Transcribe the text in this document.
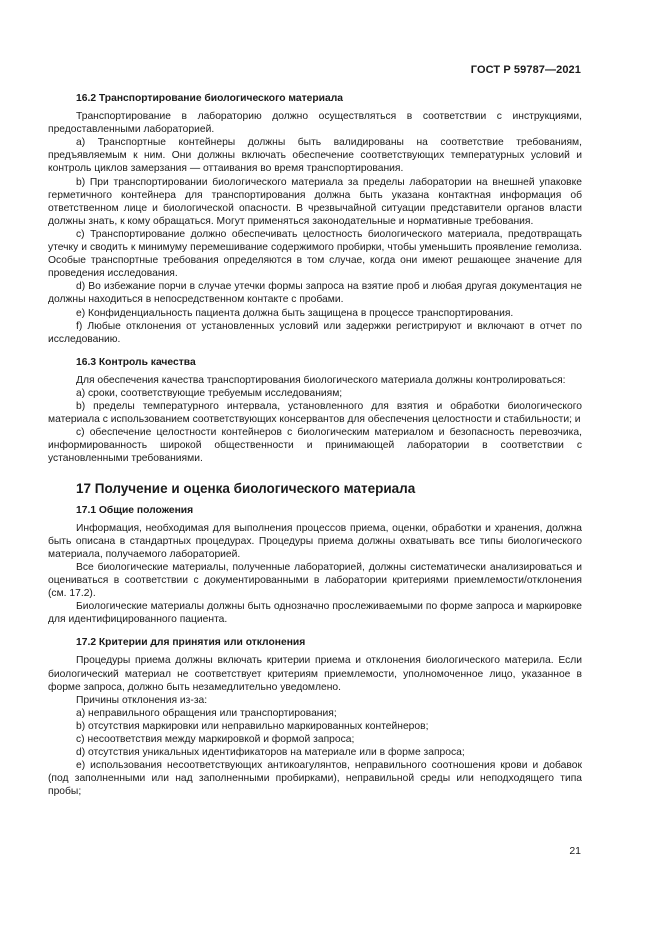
ГОСТ Р 59787—2021
16.2 Транспортирование биологического материала

Транспортирование в лабораторию должно осуществляться в соответствии с инструкциями, предоставленными лабораторией.

a) Транспортные контейнеры должны быть валидированы на соответствие требованиям, предъявляемым к ним. Они должны включать обеспечение соответствующих температурных условий и контроль циклов замерзания — оттаивания во время транспортирования.

b) При транспортировании биологического материала за пределы лаборатории на внешней упаковке герметичного контейнера для транспортирования должна быть указана контактная информация об ответственном лице и биологической опасности. В чрезвычайной ситуации представители органов власти должны знать, к кому обращаться. Могут применяться законодательные и нормативные требования.

c) Транспортирование должно обеспечивать целостность биологического материала, предотвращать утечку и сводить к минимуму перемешивание содержимого пробирки, чтобы уменьшить проявление гемолиза. Особые транспортные требования определяются в том случае, когда они имеют решающее значение для проведения исследования.

d) Во избежание порчи в случае утечки формы запроса на взятие проб и любая другая документация не должны находиться в непосредственном контакте с пробами.

e) Конфиденциальность пациента должна быть защищена в процессе транспортирования.

f) Любые отклонения от установленных условий или задержки регистрируют и включают в отчет по исследованию.

16.3 Контроль качества

Для обеспечения качества транспортирования биологического материала должны контролироваться:

a) сроки, соответствующие требуемым исследованиям;

b) пределы температурного интервала, установленного для взятия и обработки биологического материала с использованием соответствующих консервантов для обеспечения целостности и стабильности; и

c) обеспечение целостности контейнеров с биологическим материалом и безопасность перевозчика, информированность широкой общественности и принимающей лаборатории в соответствии с установленными требованиями.

17 Получение и оценка биологического материала
17.1 Общие положения

Информация, необходимая для выполнения процессов приема, оценки, обработки и хранения, должна быть описана в стандартных процедурах. Процедуры приема должны охватывать все типы биологического материала, получаемого лабораторией.

Все биологические материалы, полученные лабораторией, должны систематически анализироваться и оцениваться в соответствии с документированными в лаборатории критериями приемлемости/отклонения (см. 17.2).

Биологические материалы должны быть однозначно прослеживаемыми по форме запроса и маркировке для идентифицированного пациента.

17.2 Критерии для принятия или отклонения

Процедуры приема должны включать критерии приема и отклонения биологического материла. Если биологический материал не соответствует критериям приемлемости, уполномоченное лицо, указанное в форме запроса, должно быть незамедлительно уведомлено.

Причины отклонения из-за:

a) неправильного обращения или транспортирования;

b) отсутствия маркировки или неправильно маркированных контейнеров;

c) несоответствия между маркировкой и формой запроса;

d) отсутствия уникальных идентификаторов на материале или в форме запроса;

e) использования несоответствующих антикоагулянтов, неправильного соотношения крови и добавок (под заполненными или над заполненными пробирками), неправильной среды или неподходящего типа пробы;

21
